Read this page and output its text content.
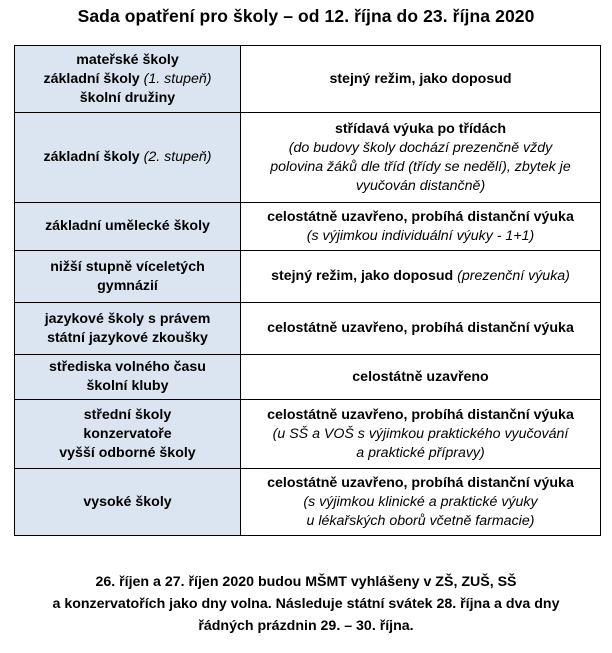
Sada opatření pro školy – od 12. října do 23. října 2020
mateřské školy
základní školy (1. stupeň)
školní družiny	stejný režim, jako doposud

základní školy (2. stupeň)	střídavá výuka po třídách
(do budovy školy dochází prezenčně vždy
polovina žáků dle tříd (třídy se nedělí), zbytek je
vyučován distančně)

základní umělecké školy	celostátně uzavřeno, probíhá distanční výuka
(s výjimkou individuální výuky - 1+1)

nižší stupně víceletých
gymnázií	stejný režim, jako doposud (prezenční výuka)

jazykové školy s právem
státní jazykové zkoušky	celostátně uzavřeno, probíhá distanční výuka

střediska volného času
školní kluby	celostátně uzavřeno

střední školy
konzervatoře
vyšší odborné školy	celostátně uzavřeno, probíhá distanční výuka
(u SŠ a VOŠ s výjimkou praktického vyučování
a praktické přípravy)

vysoké školy	celostátně uzavřeno, probíhá distanční výuka
(s výjimkou klinické a praktické výuky
u lékařských oborů včetně farmacie)
26. říjen a 27. říjen 2020 budou MŠMT vyhlášeny v ZŠ, ZUŠ, SŠ
a konzervatořích jako dny volna. Následuje státní svátek 28. října a dva dny
řádných prázdnin 29. – 30. října.
